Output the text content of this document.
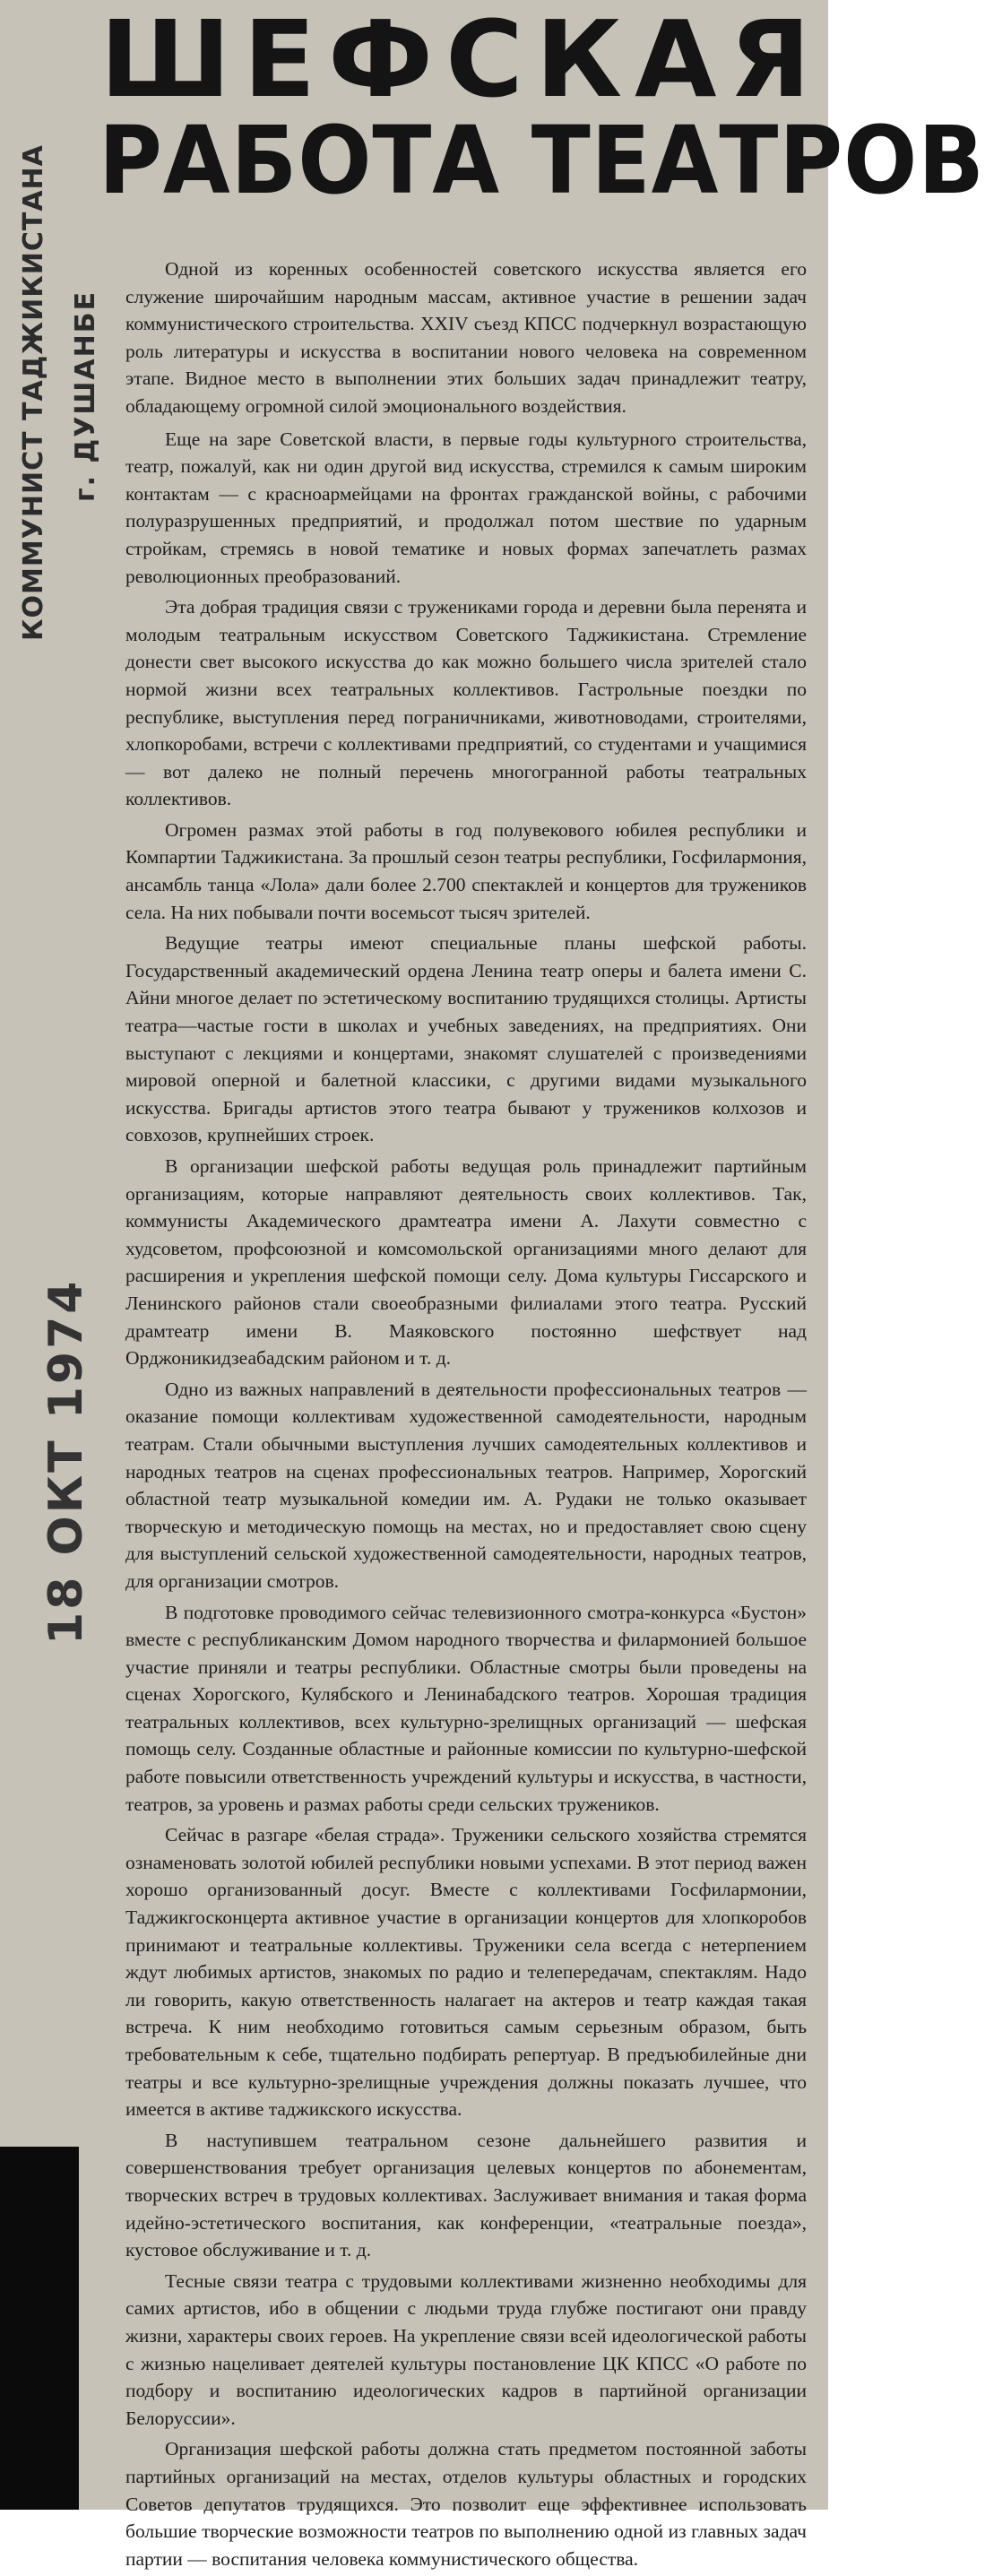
ШЕФСКАЯ
РАБОТА ТЕАТРОВ
КОММУНИСТ ТАДЖИКИСТАНА г. ДУШАНБЕ
18 ОКТ 1974

Одной из коренных особенностей советского искусства является его служение широчайшим народным массам, активное участие в решении задач коммунистического строительства. XXIV съезд КПСС подчеркнул возрастающую роль литературы и искусства в воспитании нового человека на современном этапе. Видное место в выполнении этих больших задач принадлежит театру, обладающему огромной силой эмоционального воздействия.

Еще на заре Советской власти, в первые годы культурного строительства, театр, пожалуй, как ни один другой вид искусства, стремился к самым широким контактам — с красноармейцами на фронтах гражданской войны, с рабочими полуразрушенных предприятий, и продолжал потом шествие по ударным стройкам, стремясь в новой тематике и новых формах запечатлеть размах революционных преобразований.

Эта добрая традиция связи с тружениками города и деревни была перенята и молодым театральным искусством Советского Таджикистана. Стремление донести свет высокого искусства до как можно большего числа зрителей стало нормой жизни всех театральных коллективов. Гастрольные поездки по республике, выступления перед пограничниками, животноводами, строителями, хлопкоробами, встречи с коллективами предприятий, со студентами и учащимися — вот далеко не полный перечень многогранной работы театральных коллективов.

Огромен размах этой работы в год полувекового юбилея республики и Компартии Таджикистана. За прошлый сезон театры республики, Госфилармония, ансамбль танца «Лола» дали более 2.700 спектаклей и концертов для тружеников села. На них побывали почти восемьсот тысяч зрителей.

Ведущие театры имеют специальные планы шефской работы. Государственный академический ордена Ленина театр оперы и балета имени С. Айни многое делает по эстетическому воспитанию трудящихся столицы. Артисты театра—частые гости в школах и учебных заведениях, на предприятиях. Они выступают с лекциями и концертами, знакомят слушателей с произведениями мировой оперной и балетной классики, с другими видами музыкального искусства. Бригады артистов этого театра бывают у тружеников колхозов и совхозов, крупнейших строек.

В организации шефской работы ведущая роль принадлежит партийным организациям, которые направляют деятельность своих коллективов. Так, коммунисты Академического драмтеатра имени А. Лахути совместно с худсоветом, профсоюзной и комсомольской организациями много делают для расширения и укрепления шефской помощи селу. Дома культуры Гиссарского и Ленинского районов стали своеобразными филиалами этого театра. Русский драмтеатр имени В. Маяковского постоянно шефствует над Орджоникидзеабадским районом и т. д.

Одно из важных направлений в деятельности профессиональных театров — оказание помощи коллективам художественной самодеятельности, народным театрам. Стали обычными выступления лучших самодеятельных коллективов и народных театров на сценах профессиональных театров. Например, Хорогский областной театр музыкальной комедии им. А. Рудаки не только оказывает творческую и методическую помощь на местах, но и предоставляет свою сцену для выступлений сельской художественной самодеятельности, народных театров, для организации смотров.

В подготовке проводимого сейчас телевизионного смотра-конкурса «Бустон» вместе с республиканским Домом народного творчества и филармонией большое участие приняли и театры республики. Областные смотры были проведены на сценах Хорогского, Кулябского и Ленинабадского театров. Хорошая традиция театральных коллективов, всех культурно-зрелищных организаций — шефская помощь селу. Созданные областные и районные комиссии по культурно-шефской работе повысили ответственность учреждений культуры и искусства, в частности, театров, за уровень и размах работы среди сельских тружеников.

Сейчас в разгаре «белая страда». Труженики сельского хозяйства стремятся ознаменовать золотой юбилей республики новыми успехами. В этот период важен хорошо организованный досуг. Вместе с коллективами Госфилармонии, Таджикгосконцерта активное участие в организации концертов для хлопкоробов принимают и театральные коллективы. Труженики села всегда с нетерпением ждут любимых артистов, знакомых по радио и телепередачам, спектаклям. Надо ли говорить, какую ответственность налагает на актеров и театр каждая такая встреча. К ним необходимо готовиться самым серьезным образом, быть требовательным к себе, тщательно подбирать репертуар. В предъюбилейные дни театры и все культурно-зрелищные учреждения должны показать лучшее, что имеется в активе таджикского искусства.

В наступившем театральном сезоне дальнейшего развития и совершенствования требует организация целевых концертов по абонементам, творческих встреч в трудовых коллективах. Заслуживает внимания и такая форма идейно-эстетического воспитания, как конференции, «театральные поезда», кустовое обслуживание и т. д.

Тесные связи театра с трудовыми коллективами жизненно необходимы для самих артистов, ибо в общении с людьми труда глубже постигают они правду жизни, характеры своих героев. На укрепление связи всей идеологической работы с жизнью нацеливает деятелей культуры постановление ЦК КПСС «О работе по подбору и воспитанию идеологических кадров в партийной организации Белоруссии».

Организация шефской работы должна стать предметом постоянной заботы партийных организаций на местах, отделов культуры областных и городских Советов депутатов трудящихся. Это позволит еще эффективнее использовать большие творческие возможности театров по выполнению одной из главных задач партии — воспитания человека коммунистического общества.
